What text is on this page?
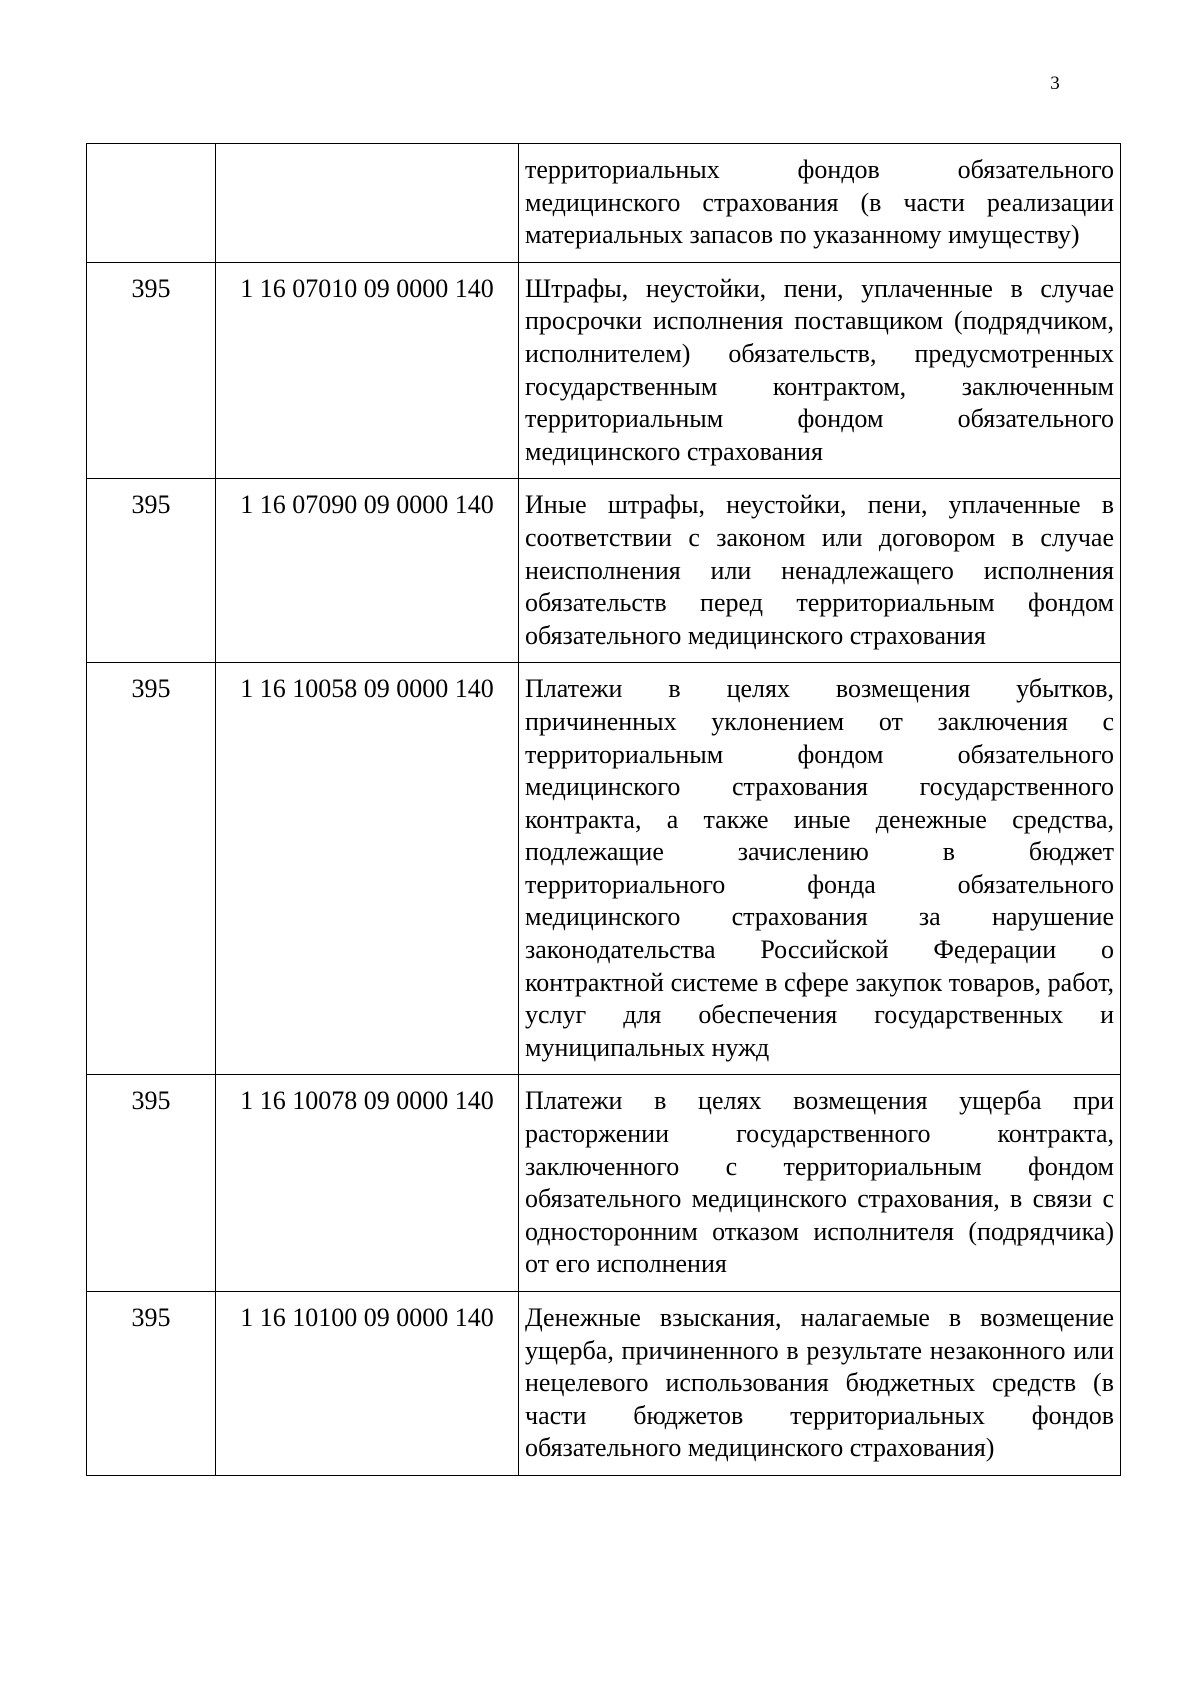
3
		территориальных фондов обязательного медицинского страхования (в части реализации материальных запасов по указанному имуществу)
395	1 16 07010 09 0000 140	Штрафы, неустойки, пени, уплаченные в случае просрочки исполнения поставщиком (подрядчиком, исполнителем) обязательств, предусмотренных государственным контрактом, заключенным территориальным фондом обязательного медицинского страхования
395	1 16 07090 09 0000 140	Иные штрафы, неустойки, пени, уплаченные в соответствии с законом или договором в случае неисполнения или ненадлежащего исполнения обязательств перед территориальным фондом обязательного медицинского страхования
395	1 16 10058 09 0000 140	Платежи в целях возмещения убытков, причиненных уклонением от заключения с территориальным фондом обязательного медицинского страхования государственного контракта, а также иные денежные средства, подлежащие зачислению в бюджет территориального фонда обязательного медицинского страхования за нарушение законодательства Российской Федерации о контрактной системе в сфере закупок товаров, работ, услуг для обеспечения государственных и муниципальных нужд
395	1 16 10078 09 0000 140	Платежи в целях возмещения ущерба при расторжении государственного контракта, заключенного с территориальным фондом обязательного медицинского страхования, в связи с односторонним отказом исполнителя (подрядчика) от его исполнения
395	1 16 10100 09 0000 140	Денежные взыскания, налагаемые в возмещение ущерба, причиненного в результате незаконного или нецелевого использования бюджетных средств (в части бюджетов территориальных фондов обязательного медицинского страхования)
